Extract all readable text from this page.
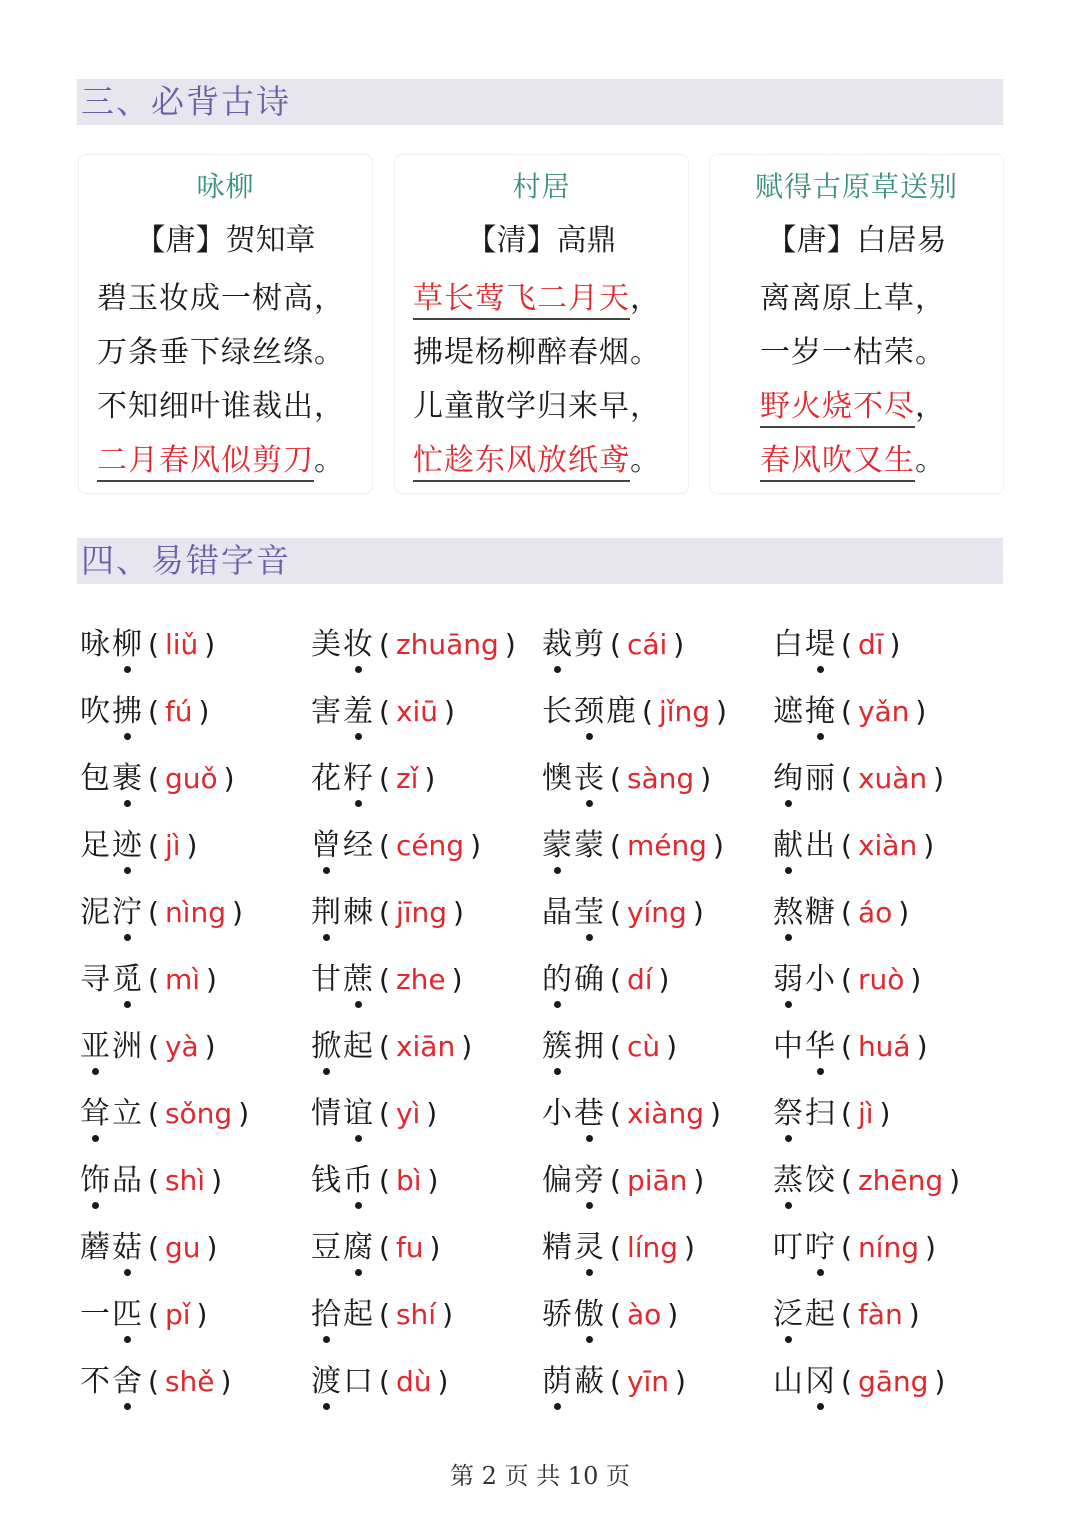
三、必背古诗
咏柳
【唐】贺知章
碧玉妆成一树高，
万条垂下绿丝绦。
不知细叶谁裁出，
二月春风似剪刀。
村居
【清】高鼎
草长莺飞二月天，
拂堤杨柳醉春烟。
儿童散学归来早，
忙趁东风放纸鸢。
赋得古原草送别
【唐】白居易
离离原上草，
一岁一枯荣。
野火烧不尽，
春风吹又生。
四、易错字音
咏柳 ( liǔ )	美妆 ( zhuāng ) 裁剪 ( cái )	白堤 ( dī )
吹拂 ( fú )	害羞 ( xiū )	长颈鹿 ( jǐng ) 遮掩 ( yǎn )
包裹 ( guǒ )	花籽 ( zǐ )	懊丧 ( sàng ) 绚丽 ( xuàn )
足迹 ( jì )	曾经 ( céng ) 蒙蒙 ( méng ) 献出 ( xiàn )
泥泞 ( nìng ) 荆棘 ( jīng )	晶莹 ( yíng ) 熬糖 ( áo )
寻觅 ( mì )	甘蔗 ( zhe )	的确 ( dí )	弱小 ( ruò )
亚洲 ( yà )	掀起 ( xiān ) 簇拥 ( cù )	中华 ( huá )
耸立 ( sǒng ) 情谊 ( yì )	小巷 ( xiàng ) 祭扫 ( jì )
饰品 ( shì )	钱币 ( bì )	偏旁 ( piān ) 蒸饺 ( zhēng )
蘑菇 ( gu )	豆腐 ( fu )	精灵 ( líng )	叮咛 ( níng )
一匹 ( pǐ )	拾起 ( shí )	骄傲 ( ào )	泛起 ( fàn )
不舍 ( shě )	渡口 ( dù )	荫蔽 ( yīn )	山冈 ( gāng )
第 2 页 共 10 页
